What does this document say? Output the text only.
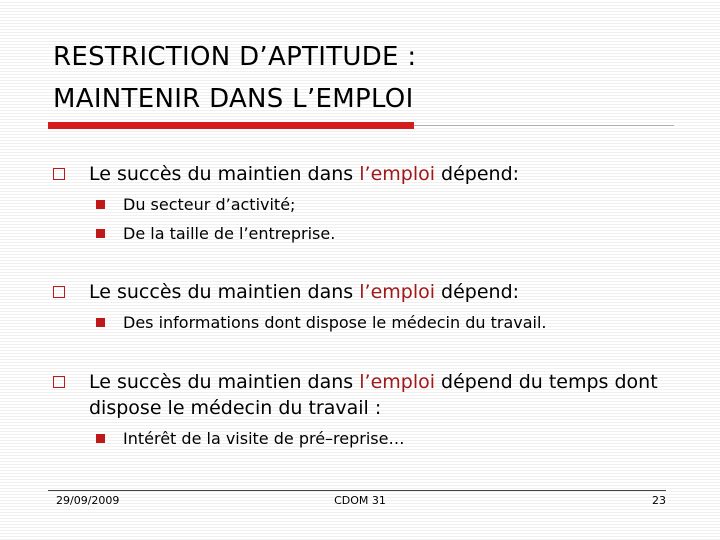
RESTRICTION D’APTITUDE :
MAINTENIR DANS L’EMPLOI
Le succès du maintien dans l’emploi dépend:
Du secteur d’activité;
De la taille de l’entreprise.
Le succès du maintien dans l’emploi dépend:
Des informations dont dispose le médecin du travail.
Le succès du maintien dans l’emploi dépend du temps dont dispose le médecin du travail :
Intérêt de la visite de pré–reprise…
29/09/2009	CDOM 31	23
